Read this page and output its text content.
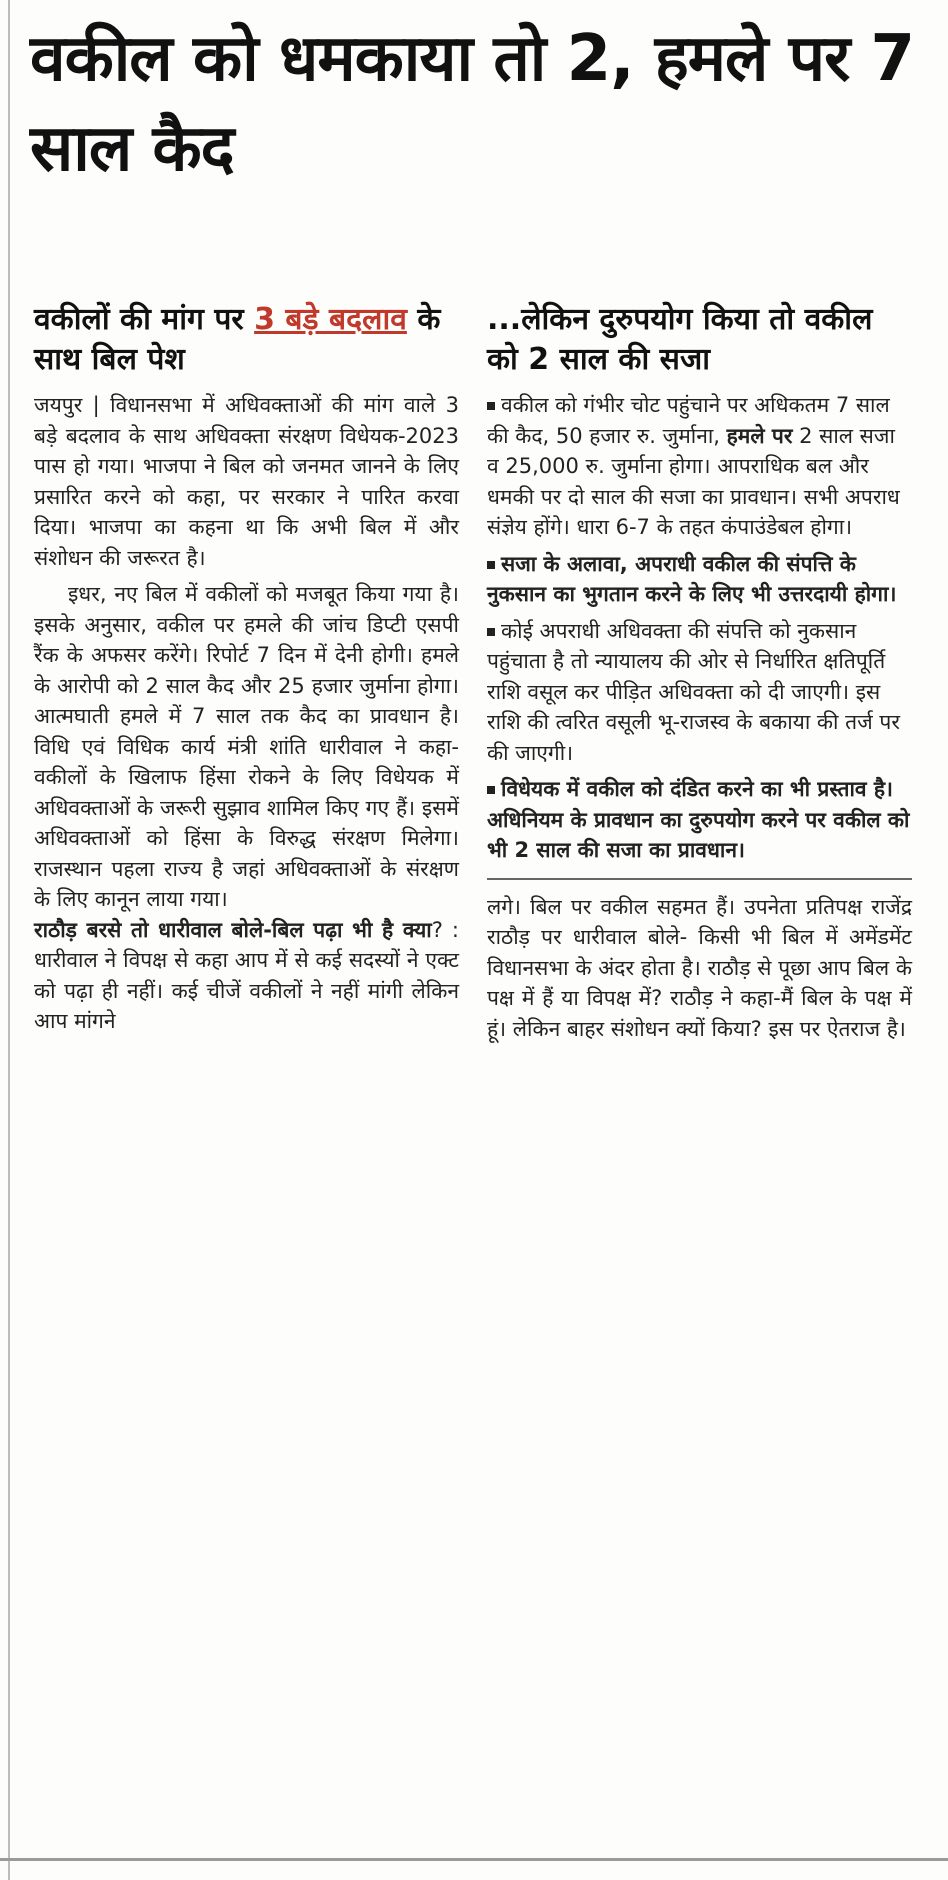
वकील को धमकाया तो 2, हमले पर 7 साल कैद
वकीलों की मांग पर 3 बड़े बदलाव के साथ बिल पेश

जयपुर | विधानसभा में अधिवक्ताओं की मांग वाले 3 बड़े बदलाव के साथ अधिवक्ता संरक्षण विधेयक-2023 पास हो गया। भाजपा ने बिल को जनमत जानने के लिए प्रसारित करने को कहा, पर सरकार ने पारित करवा दिया। भाजपा का कहना था कि अभी बिल में और संशोधन की जरूरत है।

इधर, नए बिल में वकीलों को मजबूत किया गया है। इसके अनुसार, वकील पर हमले की जांच डिप्टी एसपी रैंक के अफसर करेंगे। रिपोर्ट 7 दिन में देनी होगी। हमले के आरोपी को 2 साल कैद और 25 हजार जुर्माना होगा। आत्मघाती हमले में 7 साल तक कैद का प्रावधान है। विधि एवं विधिक कार्य मंत्री शांति धारीवाल ने कहा-वकीलों के खिलाफ हिंसा रोकने के लिए विधेयक में अधिवक्ताओं के जरूरी सुझाव शामिल किए गए हैं। इसमें अधिवक्ताओं को हिंसा के विरुद्ध संरक्षण मिलेगा। राजस्थान पहला राज्य है जहां अधिवक्ताओं के संरक्षण के लिए कानून लाया गया।

राठौड़ बरसे तो धारीवाल बोले-बिल पढ़ा भी है क्या? : धारीवाल ने विपक्ष से कहा आप में से कई सदस्यों ने एक्ट को पढ़ा ही नहीं। कई चीजें वकीलों ने नहीं मांगी लेकिन आप मांगने

...लेकिन दुरुपयोग किया तो वकील को 2 साल की सजा

वकील को गंभीर चोट पहुंचाने पर अधिकतम 7 साल की कैद, 50 हजार रु. जुर्माना, हमले पर 2 साल सजा व 25,000 रु. जुर्माना होगा। आपराधिक बल और धमकी पर दो साल की सजा का प्रावधान। सभी अपराध संज्ञेय होंगे। धारा 6-7 के तहत कंपाउंडेबल होगा।

सजा के अलावा, अपराधी वकील की संपत्ति के नुकसान का भुगतान करने के लिए भी उत्तरदायी होगा।

कोई अपराधी अधिवक्ता की संपत्ति को नुकसान पहुंचाता है तो न्यायालय की ओर से निर्धारित क्षतिपूर्ति राशि वसूल कर पीड़ित अधिवक्ता को दी जाएगी। इस राशि की त्वरित वसूली भू-राजस्व के बकाया की तर्ज पर की जाएगी।

विधेयक में वकील को दंडित करने का भी प्रस्ताव है। अधिनियम के प्रावधान का दुरुपयोग करने पर वकील को भी 2 साल की सजा का प्रावधान।

लगे। बिल पर वकील सहमत हैं। उपनेता प्रतिपक्ष राजेंद्र राठौड़ पर धारीवाल बोले- किसी भी बिल में अमेंडमेंट विधानसभा के अंदर होता है। राठौड़ से पूछा आप बिल के पक्ष में हैं या विपक्ष में? राठौड़ ने कहा-मैं बिल के पक्ष में हूं। लेकिन बाहर संशोधन क्यों किया? इस पर ऐतराज है।
